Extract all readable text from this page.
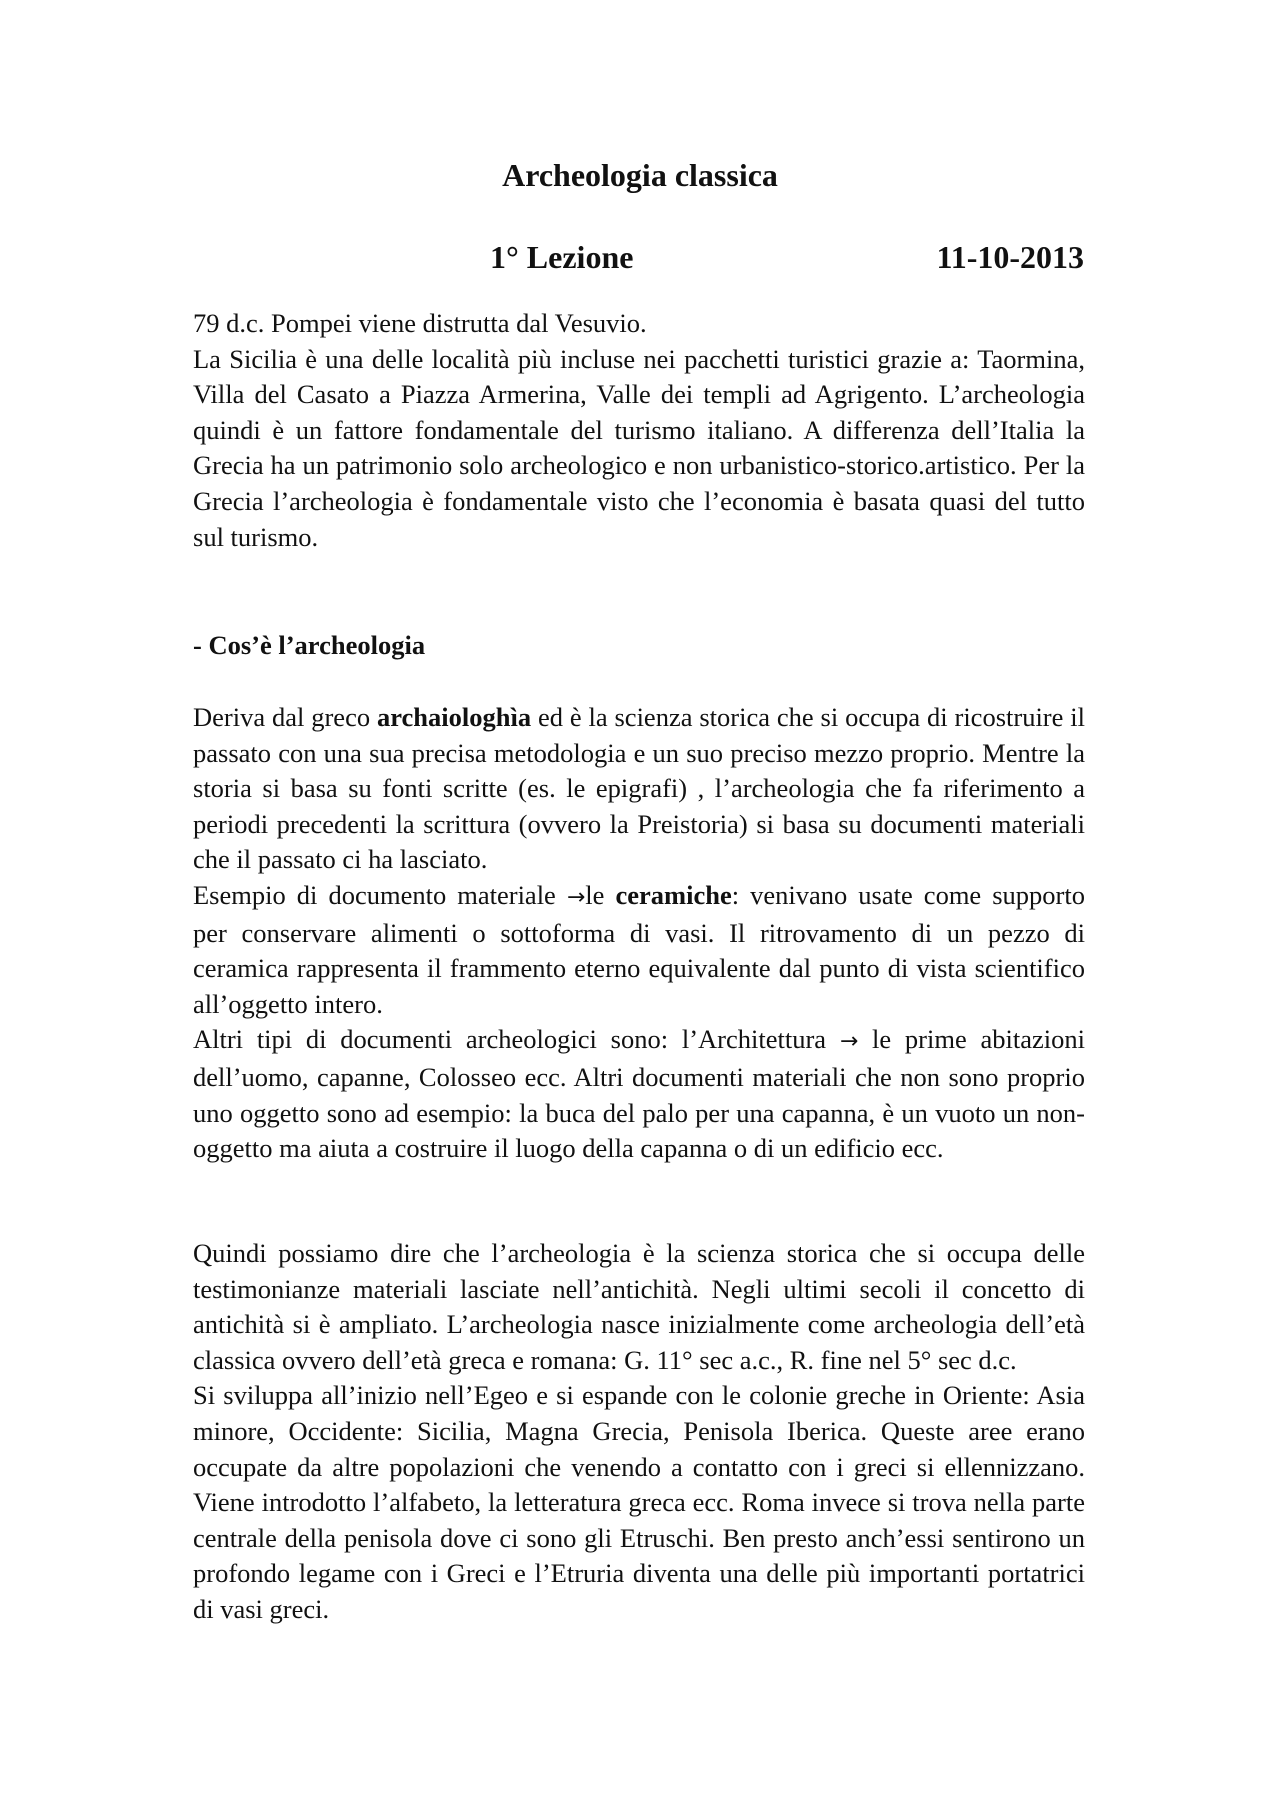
Archeologia classica
1° Lezione	11-10-2013
79 d.c. Pompei viene distrutta dal Vesuvio.
La Sicilia è una delle località più incluse nei pacchetti turistici grazie a: Taormina, Villa del Casato a Piazza Armerina, Valle dei templi ad Agrigento. L’archeologia quindi è un fattore fondamentale del turismo italiano. A differenza dell’Italia la Grecia ha un patrimonio solo archeologico e non urbanistico-storico.artistico. Per la Grecia l’archeologia è fondamentale visto che l’economia è basata quasi del tutto sul turismo.
- Cos’è l’archeologia
Deriva dal greco archaiologhìa ed è la scienza storica che si occupa di ricostruire il passato con una sua precisa metodologia e un suo preciso mezzo proprio. Mentre la storia si basa su fonti scritte (es. le epigrafi) , l’archeologia che fa riferimento a periodi precedenti la scrittura (ovvero la Preistoria) si basa su documenti materiali che il passato ci ha lasciato.
Esempio di documento materiale →le ceramiche: venivano usate come supporto per conservare alimenti o sottoforma di vasi. Il ritrovamento di un pezzo di ceramica rappresenta il frammento eterno equivalente dal punto di vista scientifico all’oggetto intero.
Altri tipi di documenti archeologici sono: l’Architettura → le prime abitazioni dell’uomo, capanne, Colosseo ecc. Altri documenti materiali che non sono proprio uno oggetto sono ad esempio: la buca del palo per una capanna, è un vuoto un non-oggetto ma aiuta a costruire il luogo della capanna o di un edificio ecc.
Quindi possiamo dire che l’archeologia è la scienza storica che si occupa delle testimonianze materiali lasciate nell’antichità. Negli ultimi secoli il concetto di antichità si è ampliato. L’archeologia nasce inizialmente come archeologia dell’età classica ovvero dell’età greca e romana: G. 11° sec a.c., R. fine nel 5° sec d.c.
Si sviluppa all’inizio nell’Egeo e si espande con le colonie greche in Oriente: Asia minore, Occidente: Sicilia, Magna Grecia, Penisola Iberica. Queste aree erano occupate da altre popolazioni che venendo a contatto con i greci si ellennizzano. Viene introdotto l’alfabeto, la letteratura greca ecc. Roma invece si trova nella parte centrale della penisola dove ci sono gli Etruschi. Ben presto anch’essi sentirono un profondo legame con i Greci e l’Etruria diventa una delle più importanti portatrici di vasi greci.
